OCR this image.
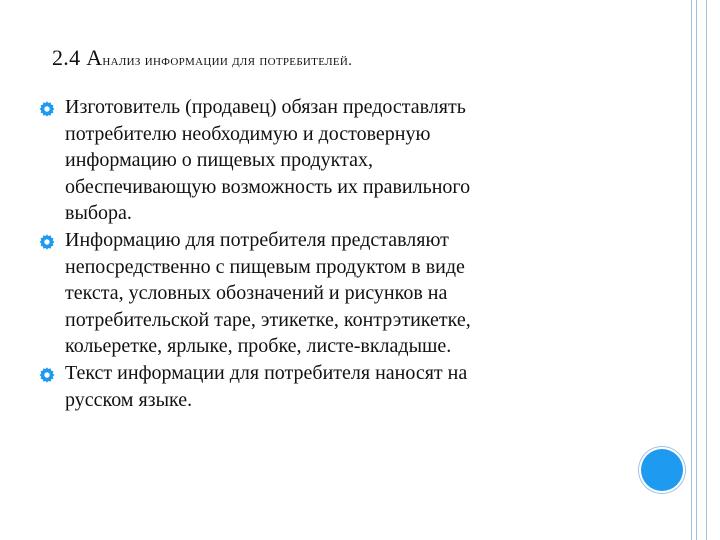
2.4 Анализ информации для потребителей.
Изготовитель (продавец) обязан предоставлять
потребителю необходимую и достоверную
информацию о пищевых продуктах,
обеспечивающую возможность их правильного
выбора.
Информацию для потребителя представляют
непосредственно с пищевым продуктом в виде
текста, условных обозначений и рисунков на
потребительской таре, этикетке, контрэтикетке,
кольеретке, ярлыке, пробке, листе-вкладыше.
Текст информации для потребителя наносят на
русском языке.
